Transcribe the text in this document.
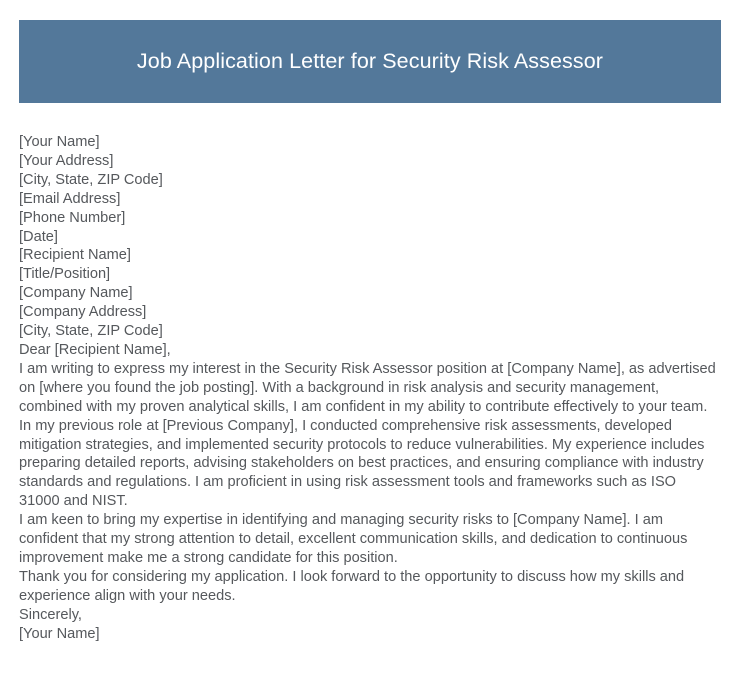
Job Application Letter for Security Risk Assessor
[Your Name]
[Your Address]
[City, State, ZIP Code]
[Email Address]
[Phone Number]
[Date]
[Recipient Name]
[Title/Position]
[Company Name]
[Company Address]
[City, State, ZIP Code]
Dear [Recipient Name],

I am writing to express my interest in the Security Risk Assessor position at [Company Name], as advertised on [where you found the job posting]. With a background in risk analysis and security management, combined with my proven analytical skills, I am confident in my ability to contribute effectively to your team.

In my previous role at [Previous Company], I conducted comprehensive risk assessments, developed mitigation strategies, and implemented security protocols to reduce vulnerabilities. My experience includes preparing detailed reports, advising stakeholders on best practices, and ensuring compliance with industry standards and regulations. I am proficient in using risk assessment tools and frameworks such as ISO 31000 and NIST.

I am keen to bring my expertise in identifying and managing security risks to [Company Name]. I am confident that my strong attention to detail, excellent communication skills, and dedication to continuous improvement make me a strong candidate for this position.

Thank you for considering my application. I look forward to the opportunity to discuss how my skills and experience align with your needs.

Sincerely,
[Your Name]
